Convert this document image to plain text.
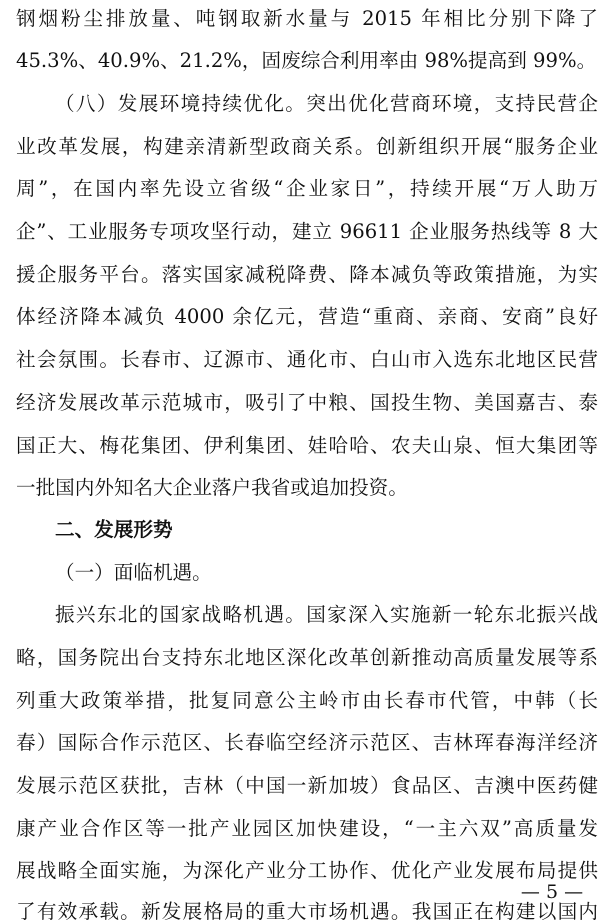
钢烟粉尘排放量、吨钢取新水量与 2015 年相比分别下降了
45.3%、40.9%、21.2%，固废综合利用率由 98%提高到 99%。
（八）发展环境持续优化。突出优化营商环境，支持民营企
业改革发展，构建亲清新型政商关系。创新组织开展“服务企业
周”，在国内率先设立省级“企业家日”，持续开展“万人助万
企”、工业服务专项攻坚行动，建立 96611 企业服务热线等 8 大
援企服务平台。落实国家减税降费、降本减负等政策措施，为实
体经济降本减负 4000 余亿元，营造“重商、亲商、安商”良好
社会氛围。长春市、辽源市、通化市、白山市入选东北地区民营
经济发展改革示范城市，吸引了中粮、国投生物、美国嘉吉、泰
国正大、梅花集团、伊利集团、娃哈哈、农夫山泉、恒大集团等
一批国内外知名大企业落户我省或追加投资。
二、发展形势
（一）面临机遇。
振兴东北的国家战略机遇。国家深入实施新一轮东北振兴战
略，国务院出台支持东北地区深化改革创新推动高质量发展等系
列重大政策举措，批复同意公主岭市由长春市代管，中韩（长
春）国际合作示范区、长春临空经济示范区、吉林珲春海洋经济
发展示范区获批，吉林（中国一新加坡）食品区、吉澳中医药健
康产业合作区等一批产业园区加快建设，“一主六双”高质量发
展战略全面实施，为深化产业分工协作、优化产业发展布局提供
了有效承载。新发展格局的重大市场机遇。我国正在构建以国内
— 5 —
